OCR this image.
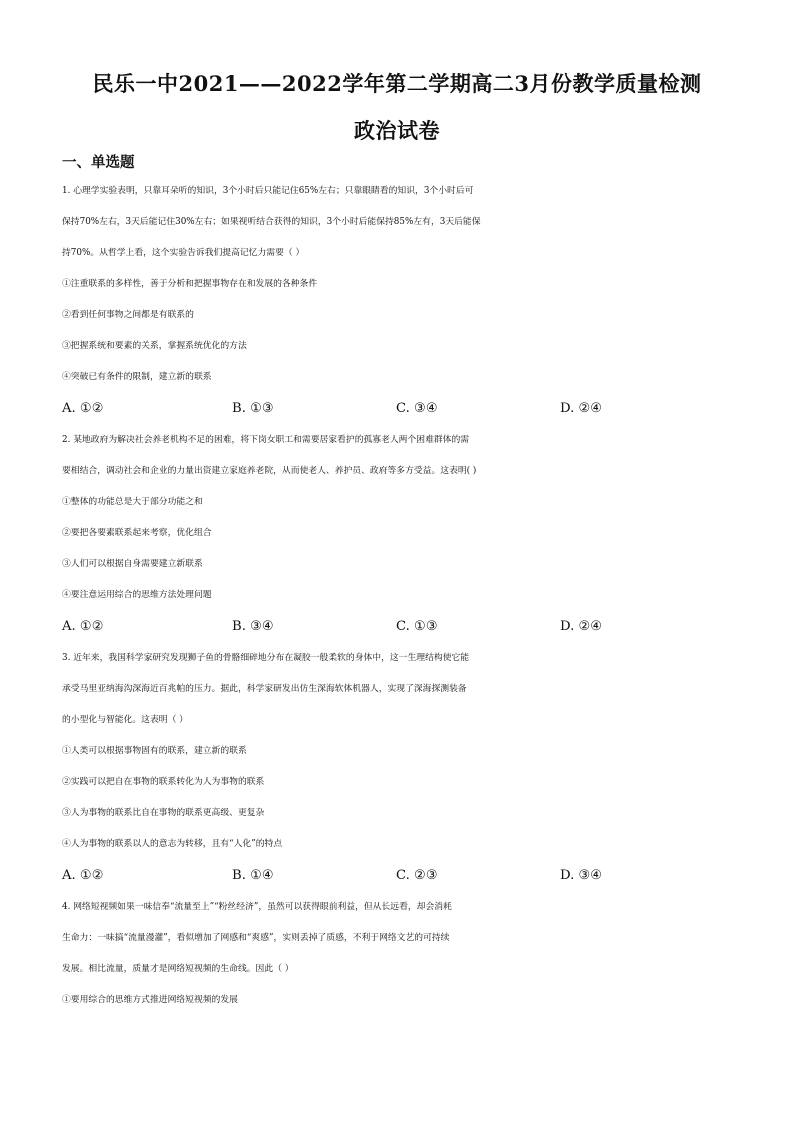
民乐一中2021——2022学年第二学期高二3月份教学质量检测
政治试卷
一、单选题
1. 心理学实验表明，只靠耳朵听的知识，3个小时后只能记住65%左右；只靠眼睛看的知识，3个小时后可
保持70%左右，3天后能记住30%左右；如果视听结合获得的知识，3个小时后能保持85%左有，3天后能保
持70%。从哲学上看，这个实验告诉我们提高记忆力需要（ ）
①注重联系的多样性，善于分析和把握事物存在和发展的各种条件
②看到任何事物之间都是有联系的
③把握系统和要素的关系，掌握系统优化的方法
④突破已有条件的限制，建立新的联系
A. ①②	B. ①③	C. ③④	D. ②④
2. 某地政府为解决社会养老机构不足的困难，将下岗女职工和需要居家看护的孤寡老人两个困难群体的需
要相结合，调动社会和企业的力量出资建立家庭养老院，从而使老人、养护员、政府等多方受益。这表明( )
①整体的功能总是大于部分功能之和
②要把各要素联系起来考察，优化组合
③人们可以根据自身需要建立新联系
④要注意运用综合的思维方法处理问题
A. ①②	B. ③④	C. ①③	D. ②④
3. 近年来，我国科学家研究发现狮子鱼的骨骼细碎地分布在凝胶一般柔软的身体中，这一生理结构使它能
承受马里亚纳海沟深海近百兆帕的压力。据此，科学家研发出仿生深海软体机器人，实现了深海探测装备
的小型化与智能化。这表明（ ）
①人类可以根据事物固有的联系，建立新的联系
②实践可以把自在事物的联系转化为人为事物的联系
③人为事物的联系比自在事物的联系更高级、更复杂
④人为事物的联系以人的意志为转移，且有“人化”的特点
A. ①②	B. ①④	C. ②③	D. ③④
4. 网络短视频如果一味信奉“流量至上”“粉丝经济”，虽然可以获得眼前利益，但从长远看，却会消耗
生命力：一味搞“流量漫灌”，看似增加了网感和“爽感”，实则丢掉了质感，不利于网络文艺的可持续
发展。相比流量，质量才是网络短视频的生命线。因此（ ）
①要用综合的思维方式推进网络短视频的发展
